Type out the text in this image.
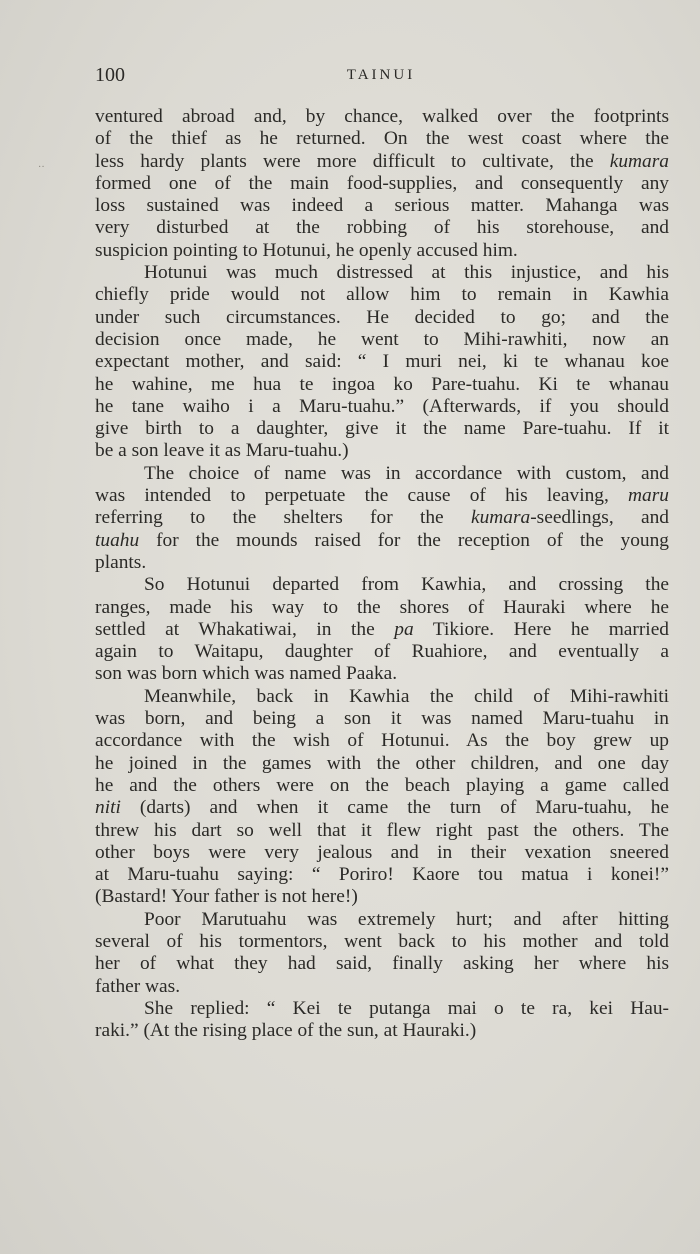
··
100	TAINUI
ventured abroad and, by chance, walked over the footprints
of the thief as he returned. On the west coast where the
less hardy plants were more difficult to cultivate, the kumara
formed one of the main food-supplies, and consequently any
loss sustained was indeed a serious matter. Mahanga was
very disturbed at the robbing of his storehouse, and
suspicion pointing to Hotunui, he openly accused him.
Hotunui was much distressed at this injustice, and his
chiefly pride would not allow him to remain in Kawhia
under such circumstances. He decided to go; and the
decision once made, he went to Mihi-rawhiti, now an
expectant mother, and said: “ I muri nei, ki te whanau koe
he wahine, me hua te ingoa ko Pare-tuahu. Ki te whanau
he tane waiho i a Maru-tuahu.” (Afterwards, if you should
give birth to a daughter, give it the name Pare-tuahu. If it
be a son leave it as Maru-tuahu.)
The choice of name was in accordance with custom, and
was intended to perpetuate the cause of his leaving, maru
referring to the shelters for the kumara-seedlings, and
tuahu for the mounds raised for the reception of the young
plants.
So Hotunui departed from Kawhia, and crossing the
ranges, made his way to the shores of Hauraki where he
settled at Whakatiwai, in the pa Tikiore. Here he married
again to Waitapu, daughter of Ruahiore, and eventually a
son was born which was named Paaka.
Meanwhile, back in Kawhia the child of Mihi-rawhiti
was born, and being a son it was named Maru-tuahu in
accordance with the wish of Hotunui. As the boy grew up
he joined in the games with the other children, and one day
he and the others were on the beach playing a game called
niti (darts) and when it came the turn of Maru-tuahu, he
threw his dart so well that it flew right past the others. The
other boys were very jealous and in their vexation sneered
at Maru-tuahu saying: “ Poriro! Kaore tou matua i konei!”
(Bastard! Your father is not here!)
Poor Marutuahu was extremely hurt; and after hitting
several of his tormentors, went back to his mother and told
her of what they had said, finally asking her where his
father was.
She replied: “ Kei te putanga mai o te ra, kei Hau-
raki.” (At the rising place of the sun, at Hauraki.)
